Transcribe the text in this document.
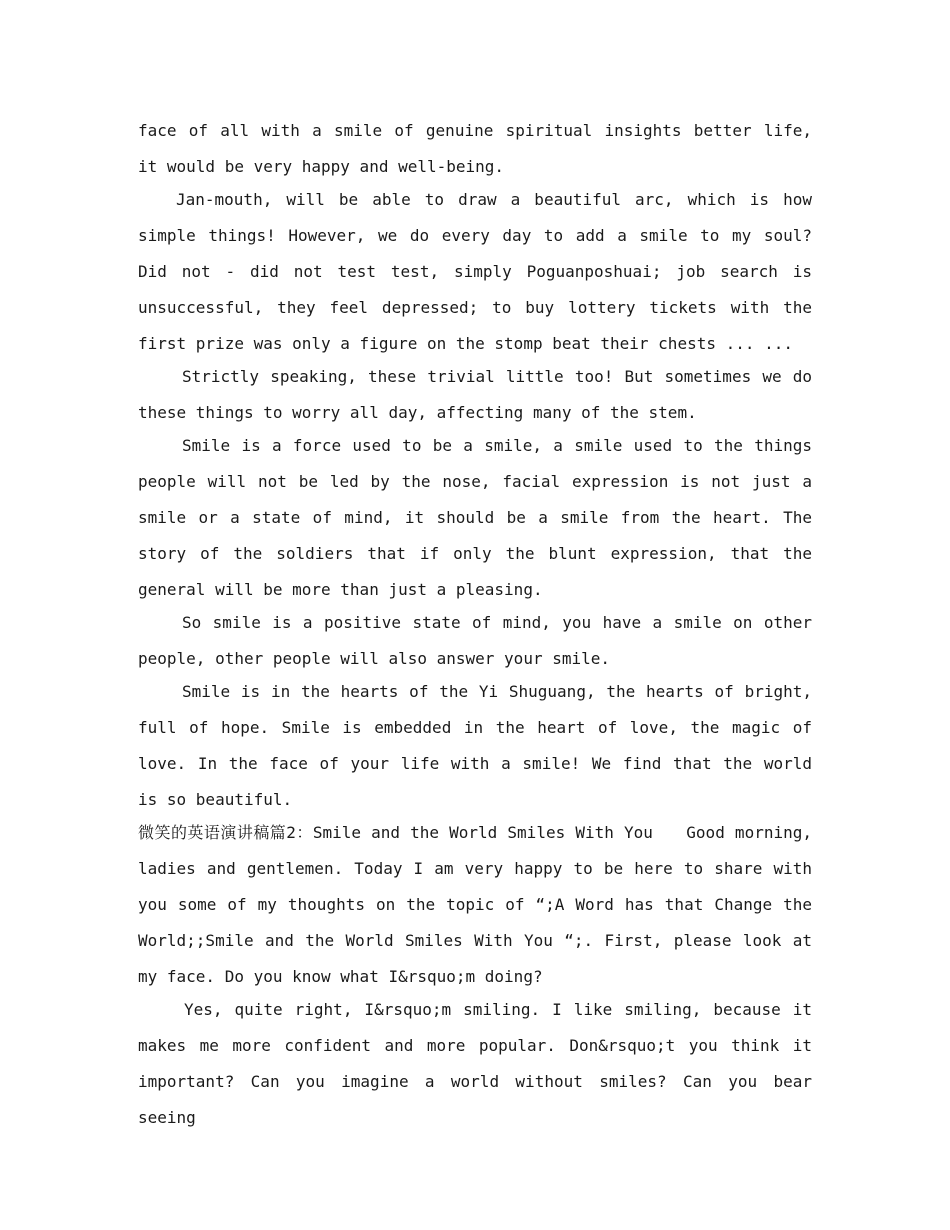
face of all with a smile of genuine spiritual insights better life, it would be very happy and well-being.

Jan-mouth, will be able to draw a beautiful arc, which is how simple things! However, we do every day to add a smile to my soul? Did not - did not test test, simply Poguanposhuai; job search is unsuccessful, they feel depressed; to buy lottery tickets with the first prize was only a figure on the stomp beat their chests ... ...

Strictly speaking, these trivial little too! But sometimes we do these things to worry all day, affecting many of the stem.

Smile is a force used to be a smile, a smile used to the things people will not be led by the nose, facial expression is not just a smile or a state of mind, it should be a smile from the heart. The story of the soldiers that if only the blunt expression, that the general will be more than just a pleasing.

So smile is a positive state of mind, you have a smile on other people, other people will also answer your smile.

Smile is in the hearts of the Yi Shuguang, the hearts of bright, full of hope. Smile is embedded in the heart of love, the magic of love. In the face of your life with a smile! We find that the world is so beautiful.

微笑的英语演讲稿篇2：Smile and the World Smiles With You　　Good morning, ladies and gentlemen. Today I am very happy to be here to share with you some of my thoughts on the topic of “;A Word has that Change the World;;Smile and the World Smiles With You “;. First, please look at my face. Do you know what I&rsquo;m doing?

Yes, quite right, I&rsquo;m smiling. I like smiling, because it makes me more confident and more popular. Don&rsquo;t you think it important? Can you imagine a world without smiles? Can you bear seeing
